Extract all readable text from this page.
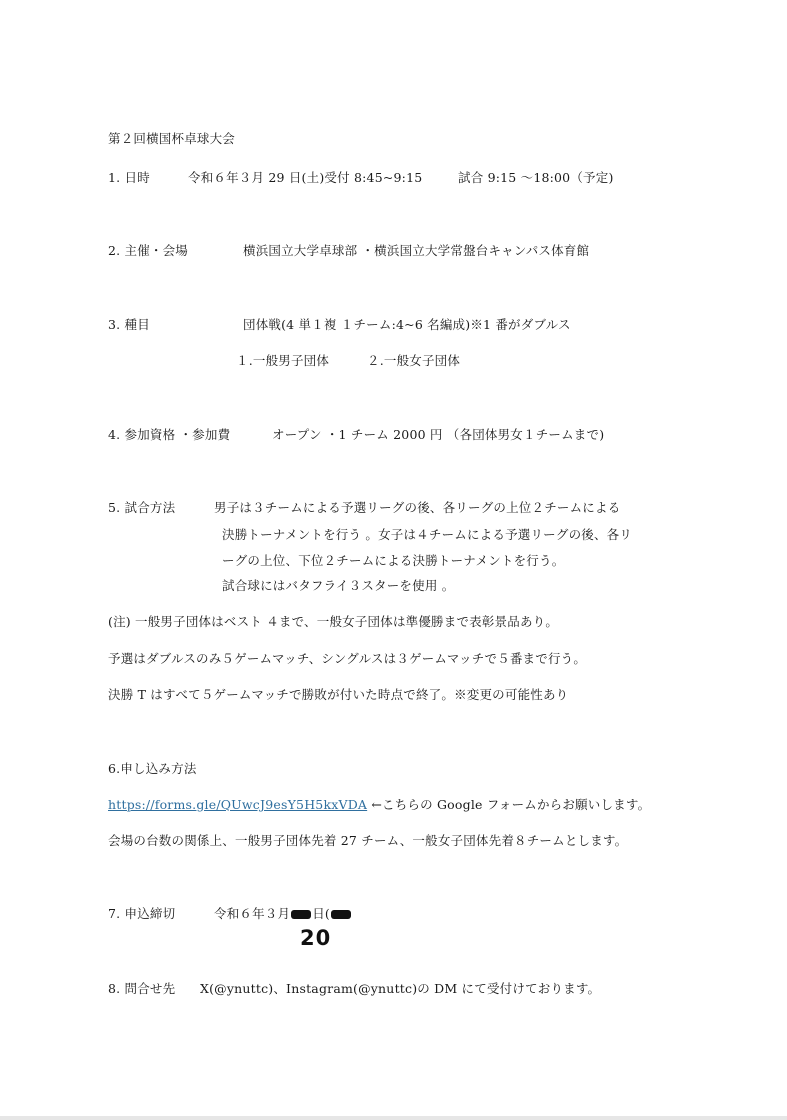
第２回横国杯卓球大会
1. 日時	令和６年３月 29 日(土)受付 8:45~9:15	試合 9:15 ～18:00（予定)
2. 主催・会場	横浜国立大学卓球部 ・横浜国立大学常盤台キャンパス体育館
3. 種目	団体戦(4 単１複 １チーム:4~6 名編成)※1 番がダブルス
１.一般男子団体	２.一般女子団体
4. 参加資格 ・参加費	オープン ・1 チーム 2000 円 （各団体男女１チームまで)
5. 試合方法	男子は３チームによる予選リーグの後、各リーグの上位２チームによる
決勝トーナメントを行う 。女子は４チームによる予選リーグの後、各リ
ーグの上位、下位２チームによる決勝トーナメントを行う。
試合球にはバタフライ３スターを使用 。
(注) 一般男子団体はベスト ４まで、一般女子団体は準優勝まで表彰景品あり。
予選はダブルスのみ５ゲームマッチ、シングルスは３ゲームマッチで５番まで行う。
決勝 T はすべて５ゲームマッチで勝敗が付いた時点で終了。※変更の可能性あり
6.申し込み方法
https://forms.gle/QUwcJ9esY5H5kxVDA ←こちらの Google フォームからお願いします。
会場の台数の関係上、一般男子団体先着 27 チーム、一般女子団体先着８チームとします。
7. 申込締切	令和６年３月 日(
20
8. 問合せ先 X(@ynuttc)、Instagram(@ynuttc)の DM にて受付けております。
